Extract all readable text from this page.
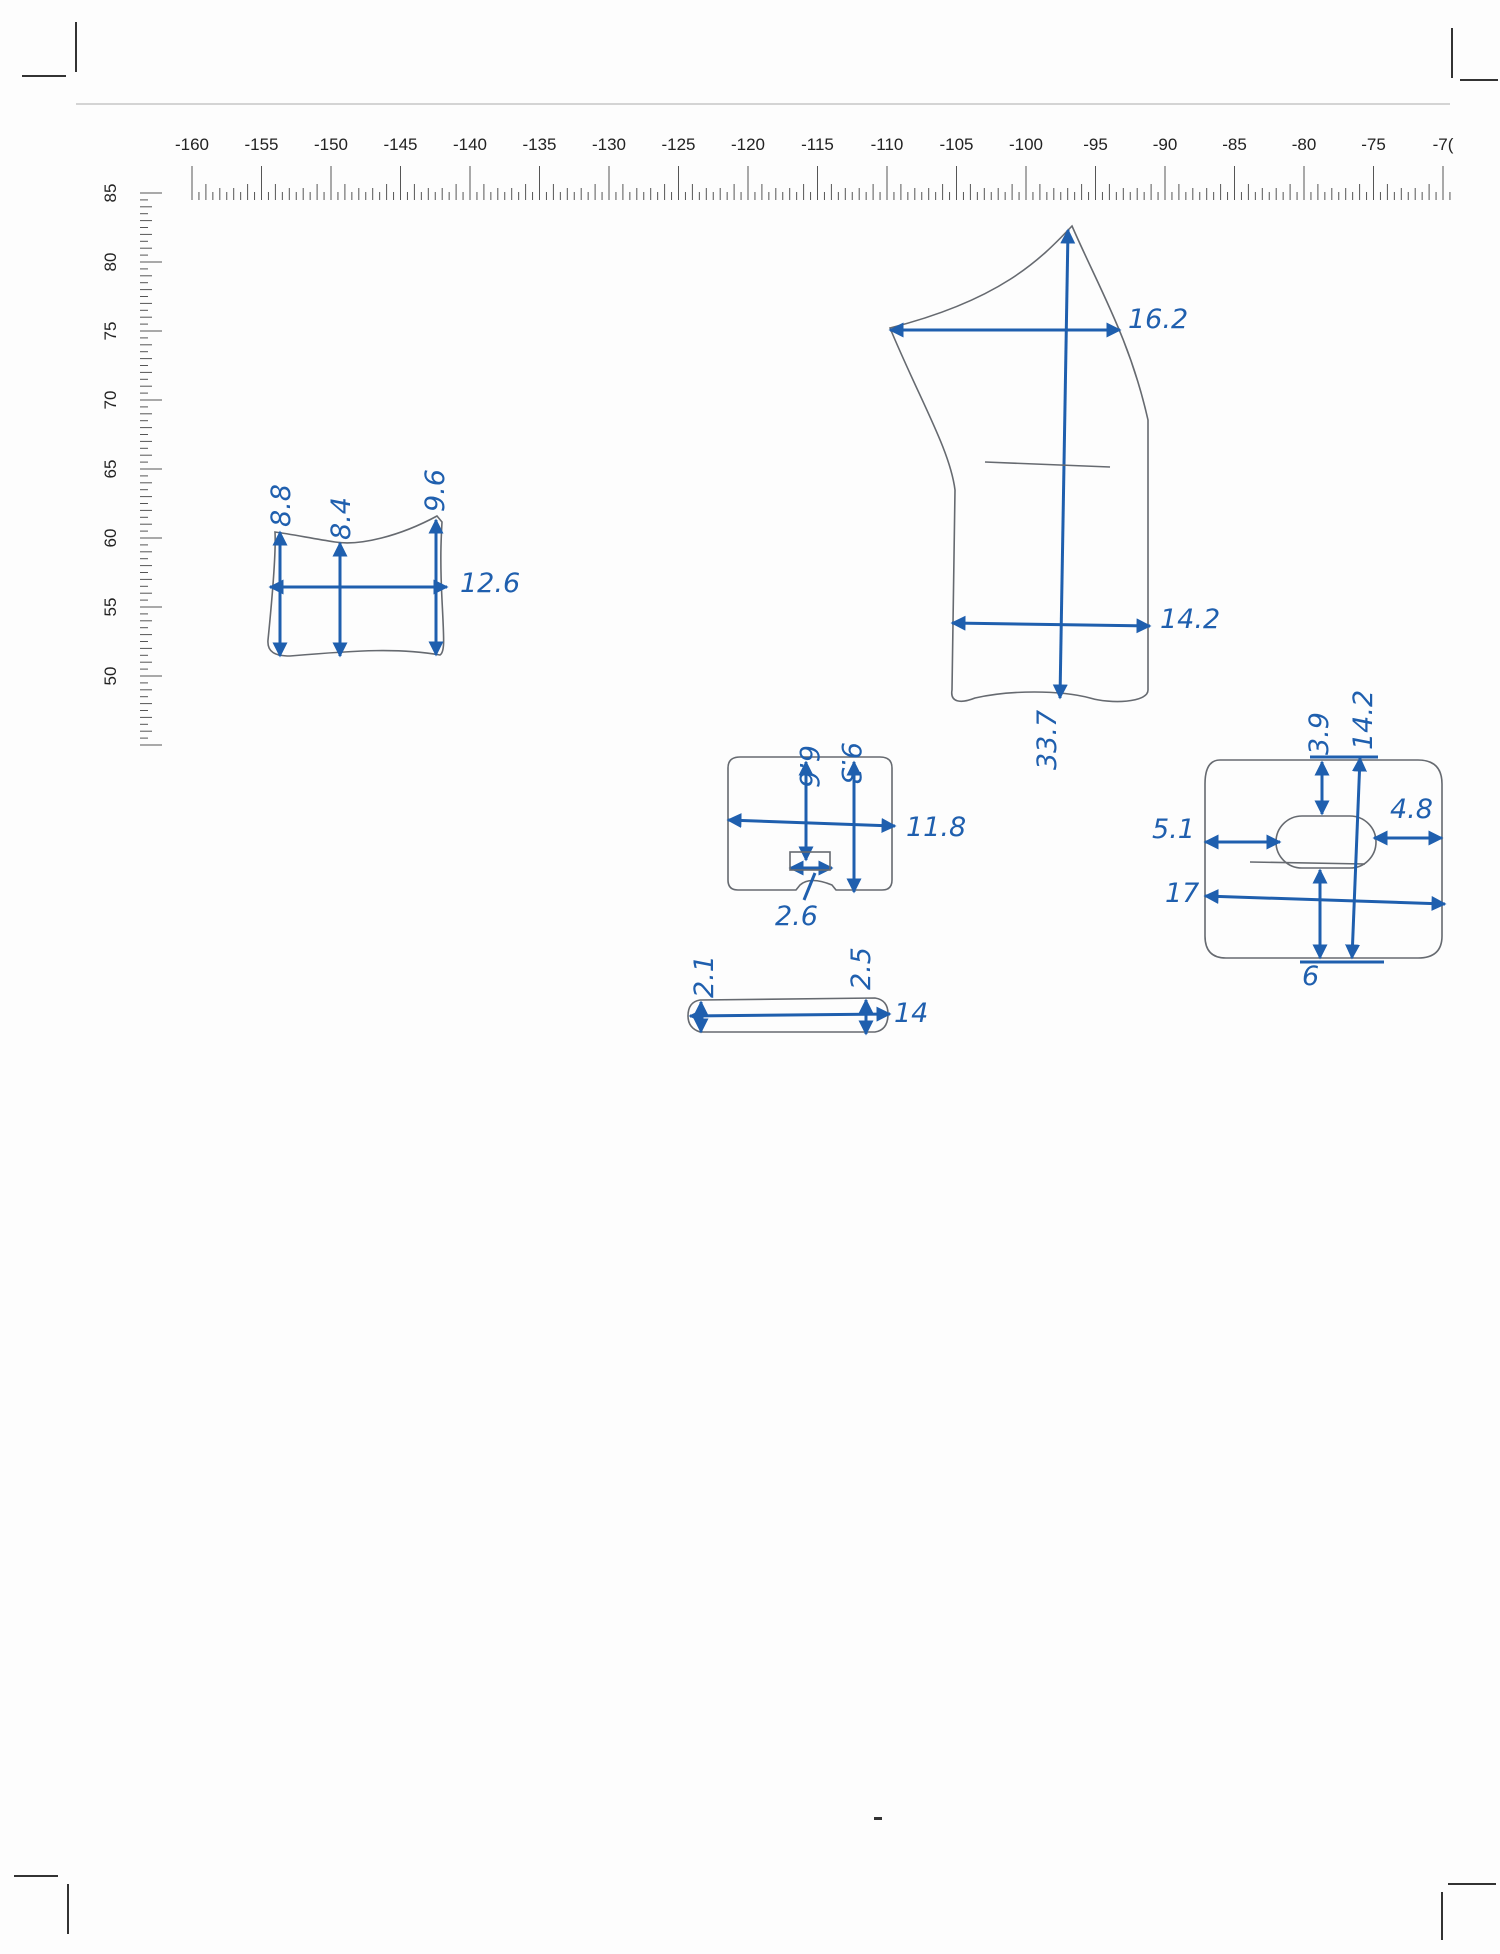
-160 -155 -150 -145 -140 -135 -130 -125 -120 -115 -110 -105 -100 -95	-90	-85	-80	-75	-7(
85
80
75
70
65
60
55
50
8.8 8.4
9.6
12.6
16.2
33.7
14.2
6.6 9.3
11.8
2.6
2.1	2.5
14
3.9 14.2
5.1
4.8
17
6
